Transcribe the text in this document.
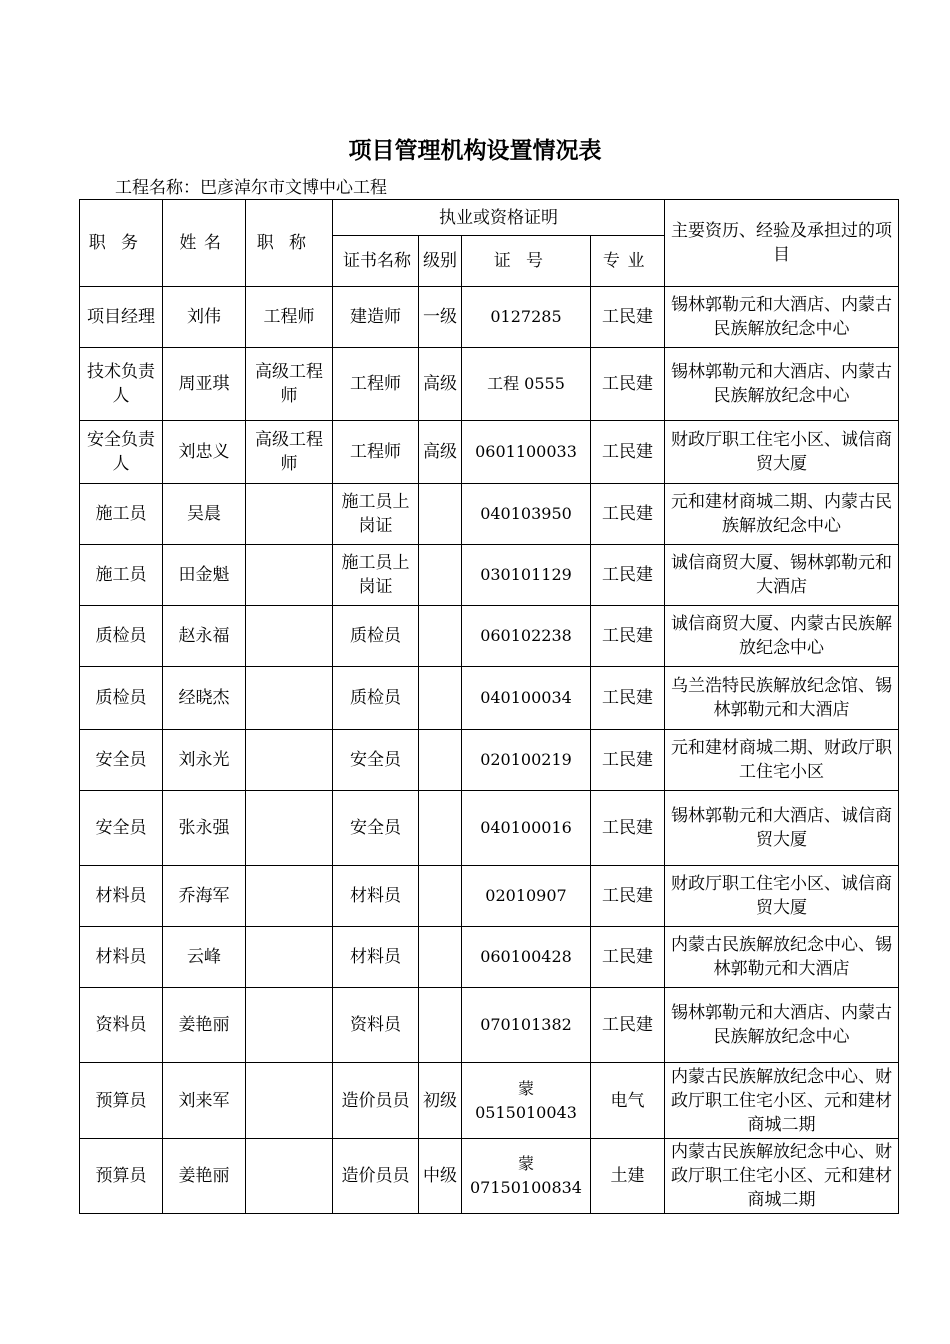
项目管理机构设置情况表
工程名称：巴彦淖尔市文博中心工程
职务	姓名	职称	执业或资格证明				主要资历、经验及承担过的项目
			证书名称	级别	证号	专业	
项目经理	刘伟	工程师	建造师	一级	0127285	工民建	锡林郭勒元和大酒店、内蒙古民族解放纪念中心
技术负责人	周亚琪	高级工程师	工程师	高级	工程 0555	工民建	锡林郭勒元和大酒店、内蒙古民族解放纪念中心
安全负责人	刘忠义	高级工程师	工程师	高级	0601100033	工民建	财政厅职工住宅小区、诚信商贸大厦
施工员	吴晨		施工员上岗证		040103950	工民建	元和建材商城二期、内蒙古民族解放纪念中心
施工员	田金魁		施工员上岗证		030101129	工民建	诚信商贸大厦、锡林郭勒元和大酒店
质检员	赵永福		质检员		060102238	工民建	诚信商贸大厦、内蒙古民族解放纪念中心
质检员	经晓杰		质检员		040100034	工民建	乌兰浩特民族解放纪念馆、锡林郭勒元和大酒店
安全员	刘永光		安全员		020100219	工民建	元和建材商城二期、财政厅职工住宅小区
安全员	张永强		安全员		040100016	工民建	锡林郭勒元和大酒店、诚信商贸大厦
材料员	乔海军		材料员		02010907	工民建	财政厅职工住宅小区、诚信商贸大厦
材料员	云峰		材料员		060100428	工民建	内蒙古民族解放纪念中心、锡林郭勒元和大酒店
资料员	姜艳丽		资料员		070101382	工民建	锡林郭勒元和大酒店、内蒙古民族解放纪念中心
预算员	刘来军		造价员员	初级	蒙 0515010043	电气	内蒙古民族解放纪念中心、财政厅职工住宅小区、元和建材商城二期
预算员	姜艳丽		造价员员	中级	蒙 07150100834	土建	内蒙古民族解放纪念中心、财政厅职工住宅小区、元和建材商城二期
